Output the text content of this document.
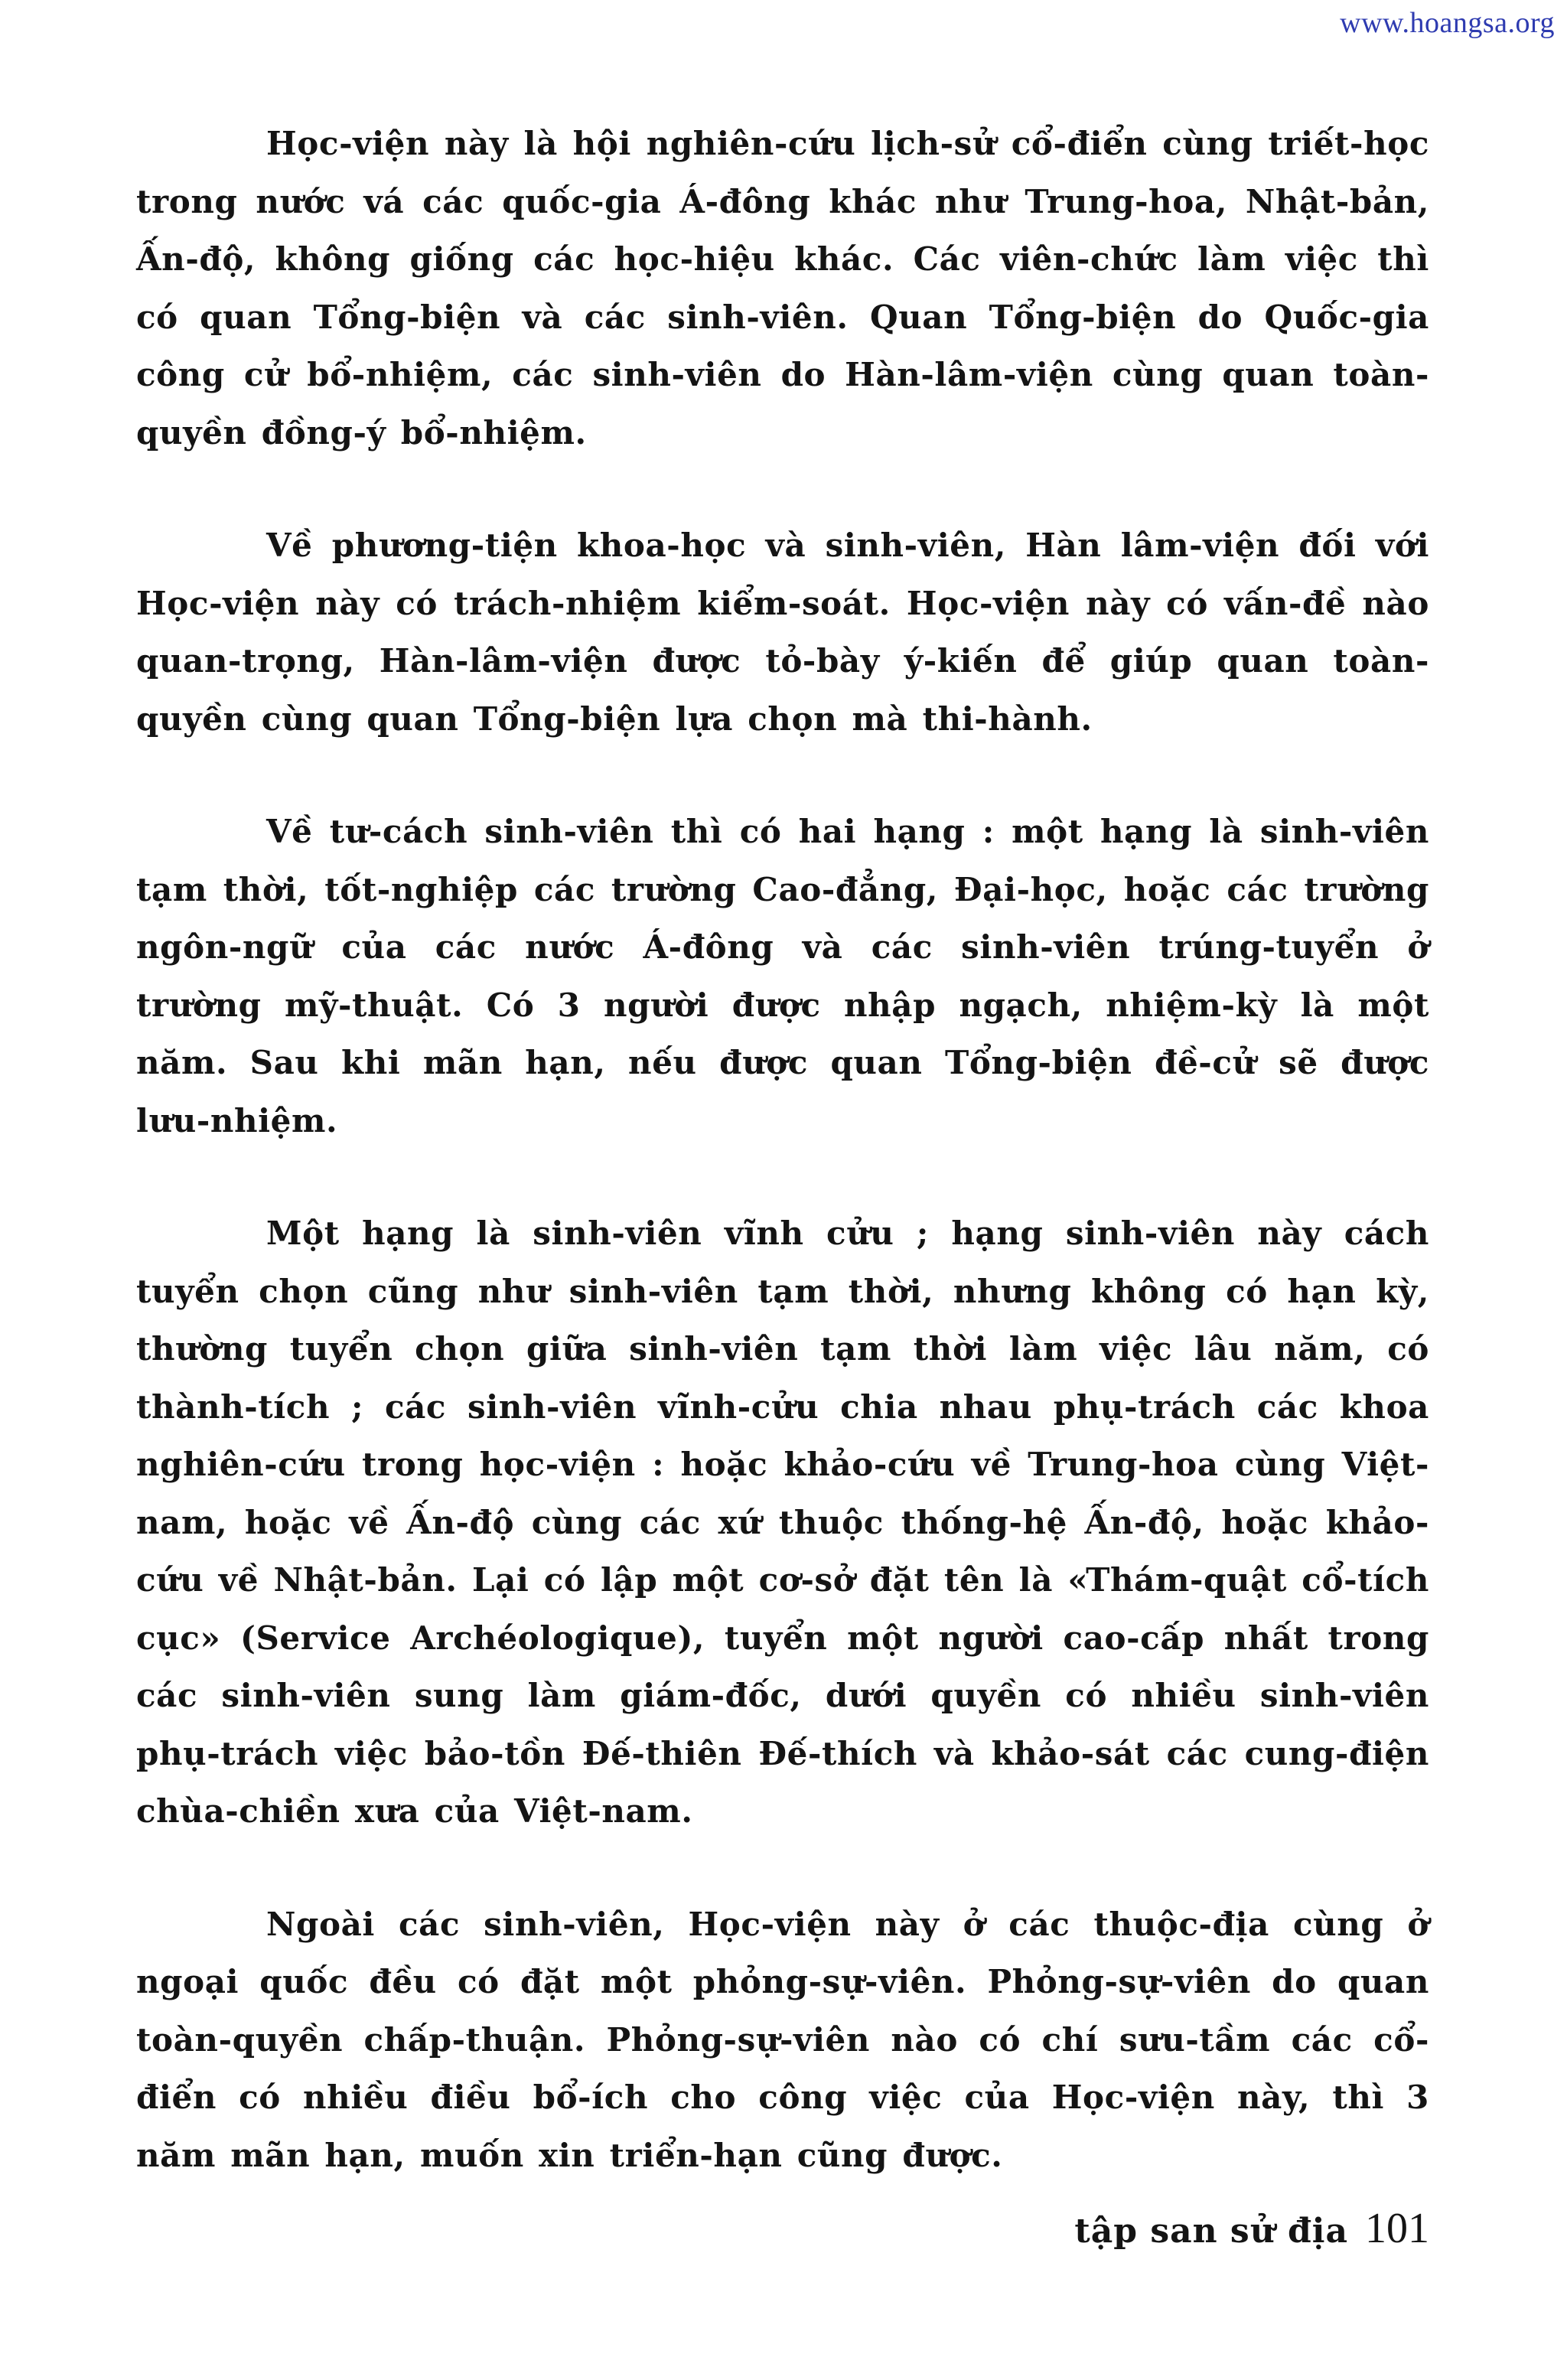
www.hoangsa.org

Học-viện này là hội nghiên-cứu lịch-sử cổ-điển cùng triết-học trong nước vá các quốc-gia Á-đông khác như Trung-hoa, Nhật-bản, Ấn-độ, không giống các học-hiệu khác. Các viên-chức làm việc thì có quan Tổng-biện và các sinh-viên. Quan Tổng-biện do Quốc-gia công cử bổ-nhiệm, các sinh-viên do Hàn-lâm-viện cùng quan toàn-quyền đồng-ý bổ-nhiệm.

Về phương-tiện khoa-học và sinh-viên, Hàn lâm-viện đối với Học-viện này có trách-nhiệm kiểm-soát. Học-viện này có vấn-đề nào quan-trọng, Hàn-lâm-viện được tỏ-bày ý-kiến để giúp quan toàn-quyền cùng quan Tổng-biện lựa chọn mà thi-hành.

Về tư-cách sinh-viên thì có hai hạng : một hạng là sinh-viên tạm thời, tốt-nghiệp các trường Cao-đẳng, Đại-học, hoặc các trường ngôn-ngữ của các nước Á-đông và các sinh-viên trúng-tuyển ở trường mỹ-thuật. Có 3 người được nhập ngạch, nhiệm-kỳ là một năm. Sau khi mãn hạn, nếu được quan Tổng-biện đề-cử sẽ được lưu-nhiệm.

Một hạng là sinh-viên vĩnh cửu ; hạng sinh-viên này cách tuyển chọn cũng như sinh-viên tạm thời, nhưng không có hạn kỳ, thường tuyển chọn giữa sinh-viên tạm thời làm việc lâu năm, có thành-tích ; các sinh-viên vĩnh-cửu chia nhau phụ-trách các khoa nghiên-cứu trong học-viện : hoặc khảo-cứu về Trung-hoa cùng Việt-nam, hoặc về Ấn-độ cùng các xứ thuộc thống-hệ Ấn-độ, hoặc khảo-cứu về Nhật-bản. Lại có lập một cơ-sở đặt tên là «Thám-quật cổ-tích cục» (Service Archéologique), tuyển một người cao-cấp nhất trong các sinh-viên sung làm giám-đốc, dưới quyền có nhiều sinh-viên phụ-trách việc bảo-tồn Đế-thiên Đế-thích và khảo-sát các cung-điện chùa-chiền xưa của Việt-nam.

Ngoài các sinh-viên, Học-viện này ở các thuộc-địa cùng ở ngoại quốc đều có đặt một phỏng-sự-viên. Phỏng-sự-viên do quan toàn-quyền chấp-thuận. Phỏng-sự-viên nào có chí sưu-tầm các cổ-điển có nhiều điều bổ-ích cho công việc của Học-viện này, thì 3 năm mãn hạn, muốn xin triển-hạn cũng được.

tập san sử địa 101
